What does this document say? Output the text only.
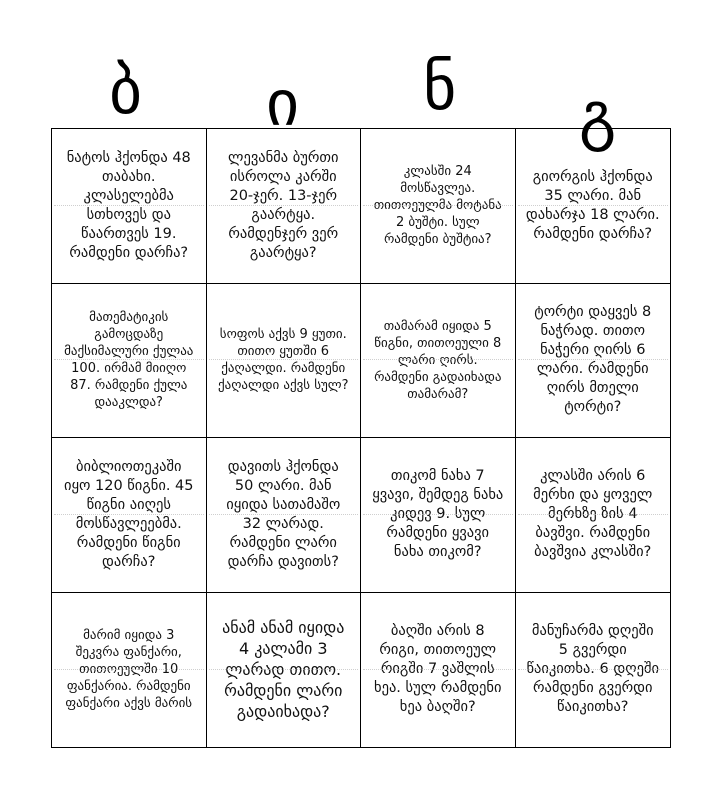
ბ ი ნ გ
ნატოს ჰქონდა 48 თაბახი. კლასელებმა სთხოვეს და წაართვეს 19. რამდენი დარჩა?
ლევანმა ბურთი ისროლა კარში 20-ჯერ. 13-ჯერ გაარტყა. რამდენჯერ ვერ გაარტყა?
კლასში 24 მოსწავლეა. თითოეულმა მოტანა 2 ბუშტი. სულ რამდენი ბუშტია?
გიორგის ჰქონდა 35 ლარი. მან დახარჯა 18 ლარი. რამდენი დარჩა?
მათემატიკის გამოცდაზე მაქსიმალური ქულაა 100. ირმამ მიიღო 87. რამდენი ქულა დააკლდა?
სოფოს აქვს 9 ყუთი. თითო ყუთში 6 ქაღალდი. რამდენი ქაღალდი აქვს სულ?
თამარამ იყიდა 5 წიგნი, თითოეული 8 ლარი ღირს. რამდენი გადაიხადა თამარამ?
ტორტი დაყვეს 8 ნაჭრად. თითო ნაჭერი ღირს 6 ლარი. რამდენი ღირს მთელი ტორტი?
ბიბლიოთეკაში იყო 120 წიგნი. 45 წიგნი აიღეს მოსწავლეებმა. რამდენი წიგნი დარჩა?
დავითს ჰქონდა 50 ლარი. მან იყიდა სათამაშო 32 ლარად. რამდენი ლარი დარჩა დავითს?
თიკომ ნახა 7 ყვავი, შემდეგ ნახა კიდევ 9. სულ რამდენი ყვავი ნახა თიკომ?
კლასში არის 6 მერხი და ყოველ მერხზე ზის 4 ბავშვი. რამდენი ბავშვია კლასში?
მარიმ იყიდა 3 შეკვრა ფანქარი, თითოეულში 10 ფანქარია. რამდენი ფანქარი აქვს მარის
ანამ ანამ იყიდა 4 კალამი 3 ლარად თითო. რამდენი ლარი გადაიხადა?
ბაღში არის 8 რიგი, თითოეულ რიგში 7 ვაშლის ხეა. სულ რამდენი ხეა ბაღში?
მანუჩარმა დღეში 5 გვერდი წაიკითხა. 6 დღეში რამდენი გვერდი წაიკითხა?
